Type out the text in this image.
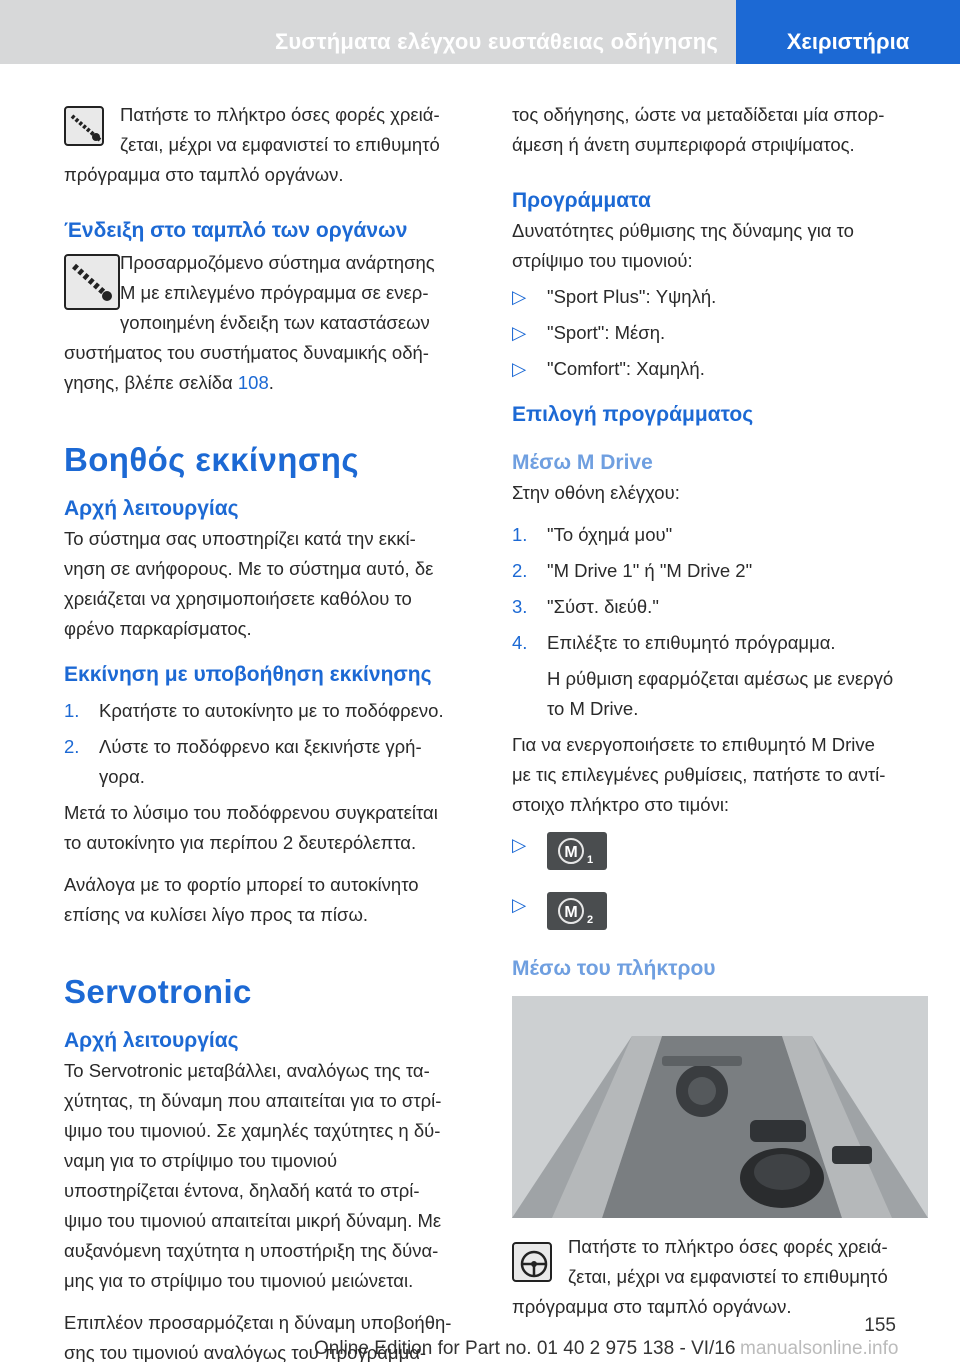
Συστήματα ελέγχου ευστάθειας οδήγησης	Χειριστήρια
Πατήστε το πλήκτρο όσες φορές χρειά-
ζεται, μέχρι να εμφανιστεί το επιθυμητό
πρόγραμμα στο ταμπλό οργάνων.
Ένδειξη στο ταμπλό των οργάνων
Προσαρμοζόμενο σύστημα ανάρτησης
M με επιλεγμένο πρόγραμμα σε ενερ-
γοποιημένη ένδειξη των καταστάσεων
συστήματος του συστήματος δυναμικής οδή-
γησης, βλέπε σελίδα 108.
Βοηθός εκκίνησης
Αρχή λειτουργίας
Το σύστημα σας υποστηρίζει κατά την εκκί-
νηση σε ανήφορους. Με το σύστημα αυτό, δε
χρειάζεται να χρησιμοποιήσετε καθόλου το
φρένο παρκαρίσματος.
Εκκίνηση με υποβοήθηση εκκίνησης
1. Κρατήστε το αυτοκίνητο με το ποδόφρενο.
2. Λύστε το ποδόφρενο και ξεκινήστε γρή-
γορα.
Μετά το λύσιμο του ποδόφρενου συγκρατείται
το αυτοκίνητο για περίπου 2 δευτερόλεπτα.
Ανάλογα με το φορτίο μπορεί το αυτοκίνητο
επίσης να κυλίσει λίγο προς τα πίσω.
Servotronic
Αρχή λειτουργίας
Το Servotronic μεταβάλλει, αναλόγως της τα-
χύτητας, τη δύναμη που απαιτείται για το στρί-
ψιμο του τιμονιού. Σε χαμηλές ταχύτητες η δύ-
ναμη για το στρίψιμο του τιμονιού
υποστηρίζεται έντονα, δηλαδή κατά το στρί-
ψιμο του τιμονιού απαιτείται μικρή δύναμη. Με
αυξανόμενη ταχύτητα η υποστήριξη της δύνα-
μης για το στρίψιμο του τιμονιού μειώνεται.
Επιπλέον προσαρμόζεται η δύναμη υποβοήθη-
σης του τιμονιού αναλόγως του προγράμμα-
τος οδήγησης, ώστε να μεταδίδεται μία σπορ-
άμεση ή άνετη συμπεριφορά στριψίματος.
Προγράμματα
Δυνατότητες ρύθμισης της δύναμης για το
στρίψιμο του τιμονιού:
▷ "Sport Plus": Υψηλή.
▷ "Sport": Μέση.
▷ "Comfort": Χαμηλή.
Επιλογή προγράμματος
Μέσω M Drive
Στην οθόνη ελέγχου:
1. "Το όχημά μου"
2. "M Drive 1" ή "M Drive 2"
3. "Σύστ. διεύθ."
4. Επιλέξτε το επιθυμητό πρόγραμμα.
Η ρύθμιση εφαρμόζεται αμέσως με ενεργό
το M Drive.
Για να ενεργοποιήσετε το επιθυμητό M Drive
με τις επιλεγμένες ρυθμίσεις, πατήστε το αντί-
στοιχο πλήκτρο στο τιμόνι:
▷ M 1
▷ M 2
Μέσω του πλήκτρου
Πατήστε το πλήκτρο όσες φορές χρειά-
ζεται, μέχρι να εμφανιστεί το επιθυμητό
πρόγραμμα στο ταμπλό οργάνων.
155
Online Edition for Part no. 01 40 2 975 138 - VI/16 manualsonline.info
